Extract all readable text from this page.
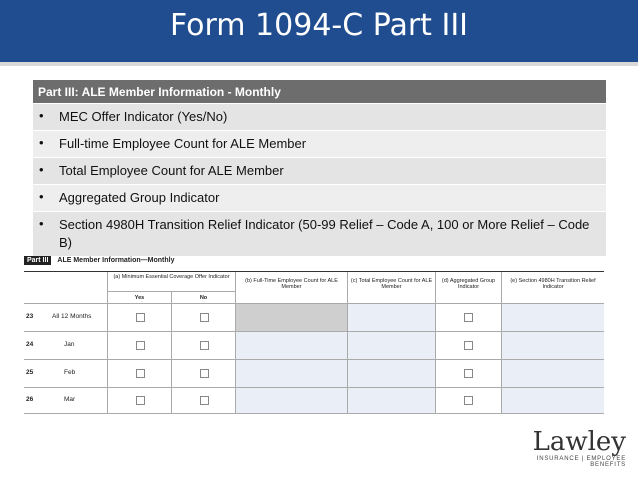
Form 1094-C Part III
Part III: ALE Member Information - Monthly
•	MEC Offer Indicator (Yes/No)
•	Full-time Employee Count for ALE Member
•	Total Employee Count for ALE Member
•	Aggregated Group Indicator
•	Section 4980H Transition Relief Indicator (50-99 Relief – Code A, 100 or More Relief – Code B)
Part III ALE Member Information—Monthly
(a) Minimum Essential Coverage Offer Indicator
Yes	No
(b) Full-Time Employee Count for ALE Member
(c) Total Employee Count for ALE Member
(d) Aggregated Group Indicator
(e) Section 4980H Transition Relief Indicator
23	All 12 Months
24	Jan
25	Feb
26	Mar
Lawley
INSURANCE | EMPLOYEE BENEFITS
